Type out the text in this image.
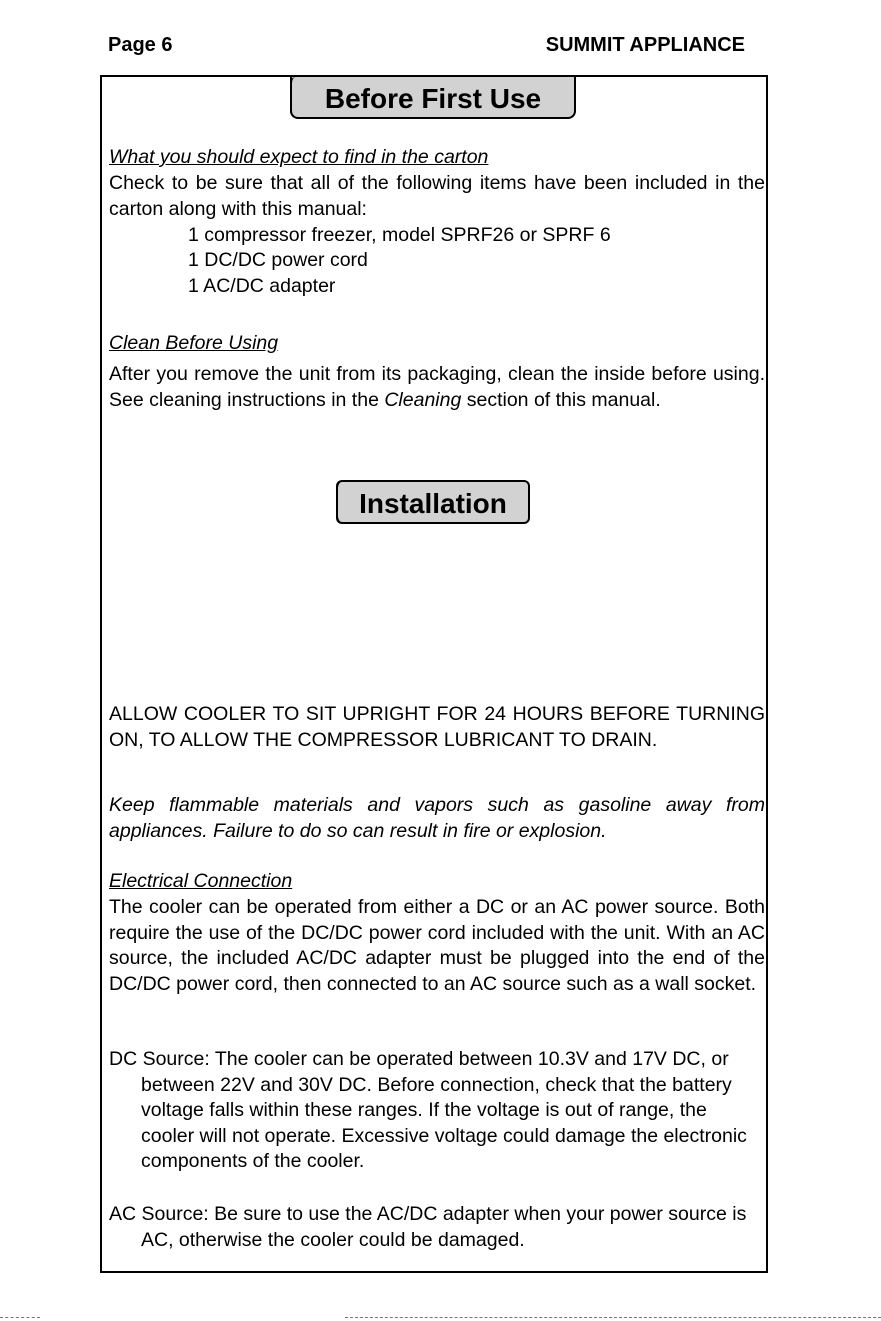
Page 6	SUMMIT APPLIANCE
Before First Use
What you should expect to find in the carton
Check to be sure that all of the following items have been included in the carton along with this manual:
1 compressor freezer, model SPRF26 or SPRF 6
1 DC/DC power cord
1 AC/DC adapter
Clean Before Using
After you remove the unit from its packaging, clean the inside before using. See cleaning instructions in the Cleaning section of this manual.
Installation
ALLOW COOLER TO SIT UPRIGHT FOR 24 HOURS BEFORE TURNING ON, TO ALLOW THE COMPRESSOR LUBRICANT TO DRAIN.
Keep flammable materials and vapors such as gasoline away from appliances. Failure to do so can result in fire or explosion.
Electrical Connection
The cooler can be operated from either a DC or an AC power source. Both require the use of the DC/DC power cord included with the unit. With an AC source, the included AC/DC adapter must be plugged into the end of the DC/DC power cord, then connected to an AC source such as a wall socket.
DC Source: The cooler can be operated between 10.3V and 17V DC, or between 22V and 30V DC. Before connection, check that the battery voltage falls within these ranges. If the voltage is out of range, the cooler will not operate. Excessive voltage could damage the electronic components of the cooler.
AC Source: Be sure to use the AC/DC adapter when your power source is AC, otherwise the cooler could be damaged.
